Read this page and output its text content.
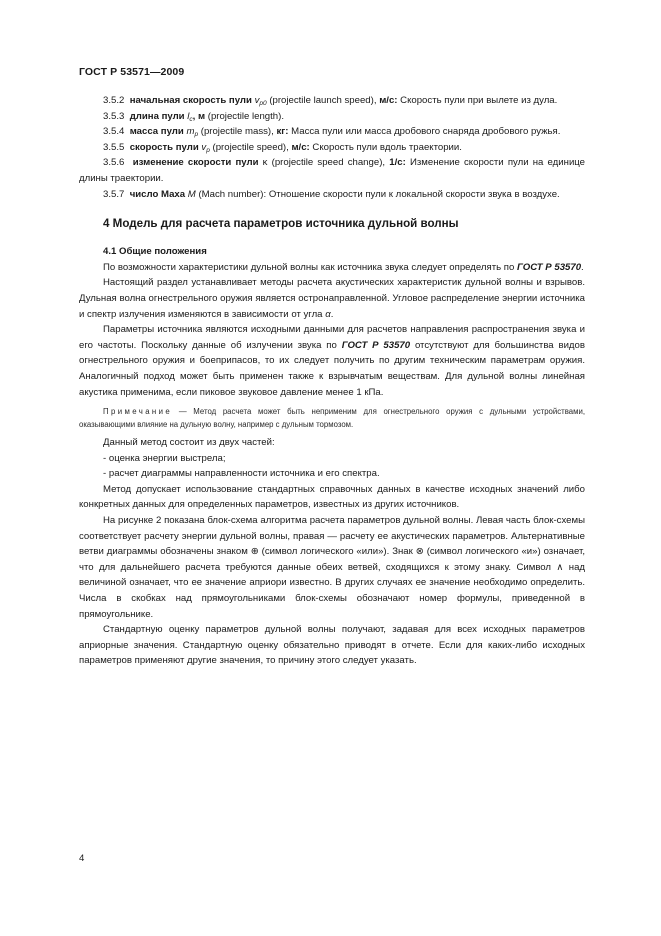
ГОСТ Р 53571—2009

3.5.2 начальная скорость пули $v_{p0}$ (projectile launch speed), м/с: Скорость пули при вылете из дула.

3.5.3 длина пули $l_c$, м (projectile length).

3.5.4 масса пули $m_p$ (projectile mass), кг: Масса пули или масса дробового снаряда дробового ружья.

3.5.5 скорость пули $v_p$ (projectile speed), м/с: Скорость пули вдоль траектории.

3.5.6 изменение скорости пули κ (projectile speed change), 1/с: Изменение скорости пули на единице длины траектории.

3.5.7 число Маха M (Mach number): Отношение скорости пули к локальной скорости звука в воздухе.

4 Модель для расчета параметров источника дульной волны
4.1 Общие положения

По возможности характеристики дульной волны как источника звука следует определять по ГОСТ Р 53570.

Настоящий раздел устанавливает методы расчета акустических характеристик дульной волны и взрывов. Дульная волна огнестрельного оружия является остронаправленной. Угловое распределение энергии источника и спектр излучения изменяются в зависимости от угла α.

Параметры источника являются исходными данными для расчетов направления распространения звука и его частоты. Поскольку данные об излучении звука по ГОСТ Р 53570 отсутствуют для большинства видов огнестрельного оружия и боеприпасов, то их следует получить по другим техническим параметрам оружия. Аналогичный подход может быть применен также к взрывчатым веществам. Для дульной волны линейная акустика применима, если пиковое звуковое давление менее 1 кПа.

Примечание — Метод расчета может быть неприменим для огнестрельного оружия с дульными устройствами, оказывающими влияние на дульную волну, например с дульным тормозом.

Данный метод состоит из двух частей:

- оценка энергии выстрела;

- расчет диаграммы направленности источника и его спектра.

Метод допускает использование стандартных справочных данных в качестве исходных значений либо конкретных данных для определенных параметров, известных из других источников.

На рисунке 2 показана блок-схема алгоритма расчета параметров дульной волны. Левая часть блок-схемы соответствует расчету энергии дульной волны, правая — расчету ее акустических параметров. Альтернативные ветви диаграммы обозначены знаком ⊕ (символ логического «или»). Знак ⊗ (символ логического «и») означает, что для дальнейшего расчета требуются данные обеих ветвей, сходящихся к этому знаку. Символ ∧ над величиной означает, что ее значение априори известно. В других случаях ее значение необходимо определить. Числа в скобках над прямоугольниками блок-схемы обозначают номер формулы, приведенной в прямоугольнике.

Стандартную оценку параметров дульной волны получают, задавая для всех исходных параметров априорные значения. Стандартную оценку обязательно приводят в отчете. Если для каких-либо исходных параметров применяют другие значения, то причину этого следует указать.

4
